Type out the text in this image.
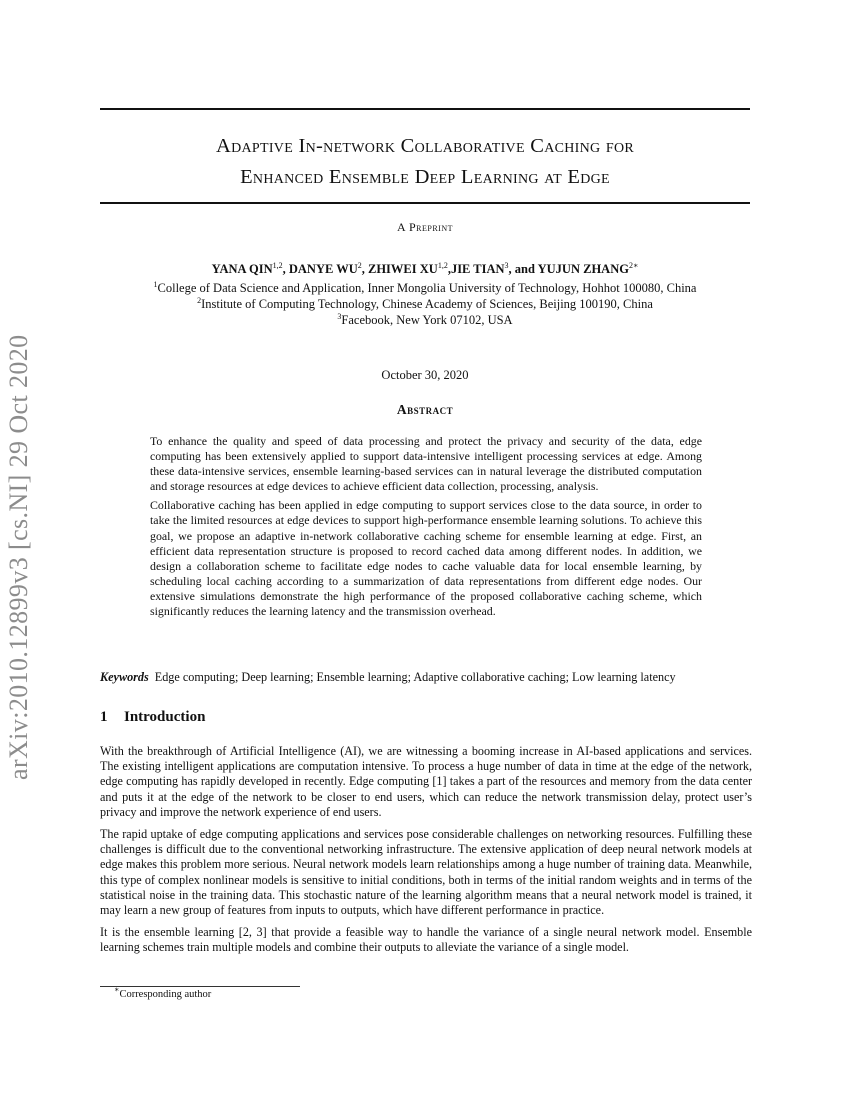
Adaptive In-network Collaborative Caching for
Enhanced Ensemble Deep Learning at Edge
A Preprint
YANA QIN$^{1,2}$, DANYE $WU^2$, ZHIWEI XU$^{1,2}$,JIE TIAN$^3$, and YUJUN $ZHANG^{2∗}$
$^1$College of Data Science and Application, Inner Mongolia University of Technology, Hohhot 100080, China
$^2$Institute of Computing Technology, Chinese Academy of Sciences, Beijing 100190, China
$^3$Facebook, New York 07102, USA
October 30, 2020
Abstract

To enhance the quality and speed of data processing and protect the privacy and security of the data, edge computing has been extensively applied to support data-intensive intelligent processing services at edge. Among these data-intensive services, ensemble learning-based services can in natural leverage the distributed computation and storage resources at edge devices to achieve efficient data collection, processing, analysis.

Collaborative caching has been applied in edge computing to support services close to the data source, in order to take the limited resources at edge devices to support high-performance ensemble learning solutions. To achieve this goal, we propose an adaptive in-network collaborative caching scheme for ensemble learning at edge. First, an efficient data representation structure is proposed to record cached data among different nodes. In addition, we design a collaboration scheme to facilitate edge nodes to cache valuable data for local ensemble learning, by scheduling local caching according to a summarization of data representations from different edge nodes. Our extensive simulations demonstrate the high performance of the proposed collaborative caching scheme, which significantly reduces the learning latency and the transmission overhead.

Keywords Edge computing; Deep learning; Ensemble learning; Adaptive collaborative caching; Low learning latency
1 Introduction

With the breakthrough of Artificial Intelligence (AI), we are witnessing a booming increase in AI-based applications and services. The existing intelligent applications are computation intensive. To process a huge number of data in time at the edge of the network, edge computing has rapidly developed in recently. Edge computing [1] takes a part of the resources and memory from the data center and puts it at the edge of the network to be closer to end users, which can reduce the network transmission delay, protect user’s privacy and improve the network experience of end users.

The rapid uptake of edge computing applications and services pose considerable challenges on networking resources. Fulfilling these challenges is difficult due to the conventional networking infrastructure. The extensive application of deep neural network models at edge makes this problem more serious. Neural network models learn relationships among a huge number of training data. Meanwhile, this type of complex nonlinear models is sensitive to initial conditions, both in terms of the initial random weights and in terms of the statistical noise in the training data. This stochastic nature of the learning algorithm means that a neural network model is trained, it may learn a new group of features from inputs to outputs, which have different performance in practice.

It is the ensemble learning [2, 3] that provide a feasible way to handle the variance of a single neural network model. Ensemble learning schemes train multiple models and combine their outputs to alleviate the variance of a single model.

∗Corresponding author
arXiv:2010.12899v3 [cs.NI] 29 Oct 2020
